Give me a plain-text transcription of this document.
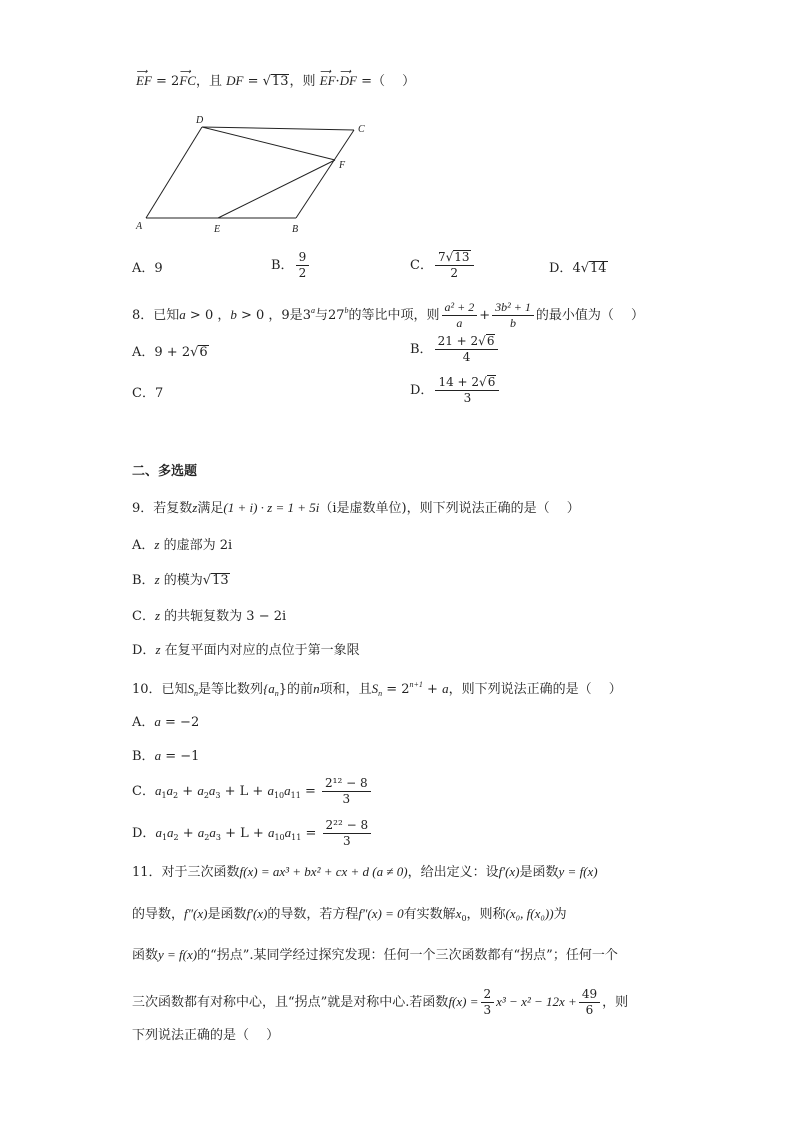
⟶ EF = 2⟶ FC，且 DF = √13，则 ⟶ EF·⟶ DF =（　 ）
D
C
F
A	E	B
A．9	B． $\frac{9}{2}$	C． $\frac{7√13}{2}$	D．4√14
8．已知a > 0 ，b > 0 ，9是3$^a$与27$^b$的等比中项，则 $\frac{\text{a² + 2}}{a} + \frac{\text{3b² + 1}}{b}$ 的最小值为（　 ）
A．9 + 2√6	B． $\frac{21 + 2√6}{4}$
C．7	D． $\frac{14 + 2√6}{3}$
二、多选题
9．若复数z满足(1 + i) · z = 1 + 5i（i是虚数单位)，则下列说法正确的是（　 ）
A．z 的虚部为 2i
B．z 的模为√13
C．z 的共轭复数为 3 − 2i
D．z 在复平面内对应的点位于第一象限
10．已知$S_n$是等比数列$\{a_n\}$的前n项和，且$S_n = 2^{n+1} + a$，则下列说法正确的是（　 ）
A．a = −2
B．a = −1
C．$a_1a_2 + a_2a_3 + L + a_{10}a_{11} = \frac{\text{2¹² − 8}}{3}$
D．$a_1a_2 + a_2a_3 + L + a_{10}a_{11} = \frac{\text{2²² − 8}}{3}$
11．对于三次函数f(x) = ax³ + bx² + cx + d (a ≠ 0)，给出定义：设f′(x)是函数y = f(x)
的导数，f″(x)是函数f′(x)的导数，若方程f″(x) = 0有实数解$x_0$，则称(x₀, f(x₀))为
函数y = f(x)的“拐点”.某同学经过探究发现：任何一个三次函数都有“拐点”；任何一个
三次函数都有对称中心，且“拐点”就是对称中心.若函数$f(x) = \frac{2}{3} x^3 - x^2 - 12x + \frac{49}{6}$ ，则
下列说法正确的是（　 ）
